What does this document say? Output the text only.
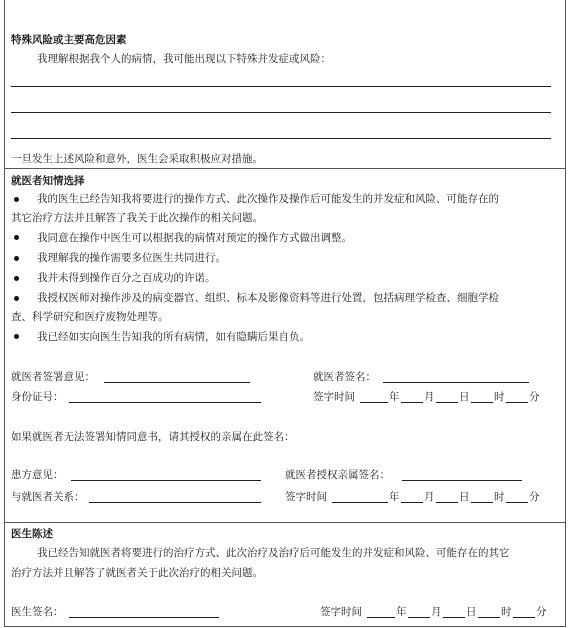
特殊风险或主要高危因素
我理解根据我个人的病情，我可能出现以下特殊并发症或风险：
一旦发生上述风险和意外，医生会采取积极应对措施。
就医者知情选择
我的医生已经告知我将要进行的操作方式、此次操作及操作后可能发生的并发症和风险、可能存在的
其它治疗方法并且解答了我关于此次操作的相关问题。
我同意在操作中医生可以根据我的病情对预定的操作方式做出调整。
我理解我的操作需要多位医生共同进行。
我并未得到操作百分之百成功的许诺。
我授权医师对操作涉及的病变器官、组织、标本及影像资料等进行处置，包括病理学检查、细胞学检
查、科学研究和医疗废物处理等。
我已经如实向医生告知我的所有病情，如有隐瞒后果自负。
就医者签署意见：	就医者签名：
身份证号：	签字时间	年 月 日 时 分
如果就医者无法签署知情同意书，请其授权的亲属在此签名：
患方意见：	就医者授权亲属签名：
与就医者关系：	签字时间	年 月 日 时 分
医生陈述
我已经告知就医者将要进行的治疗方式、此次治疗及治疗后可能发生的并发症和风险、可能存在的其它
治疗方法并且解答了就医者关于此次治疗的相关问题。
医生签名：	签字时间	年 月 日 时 分
